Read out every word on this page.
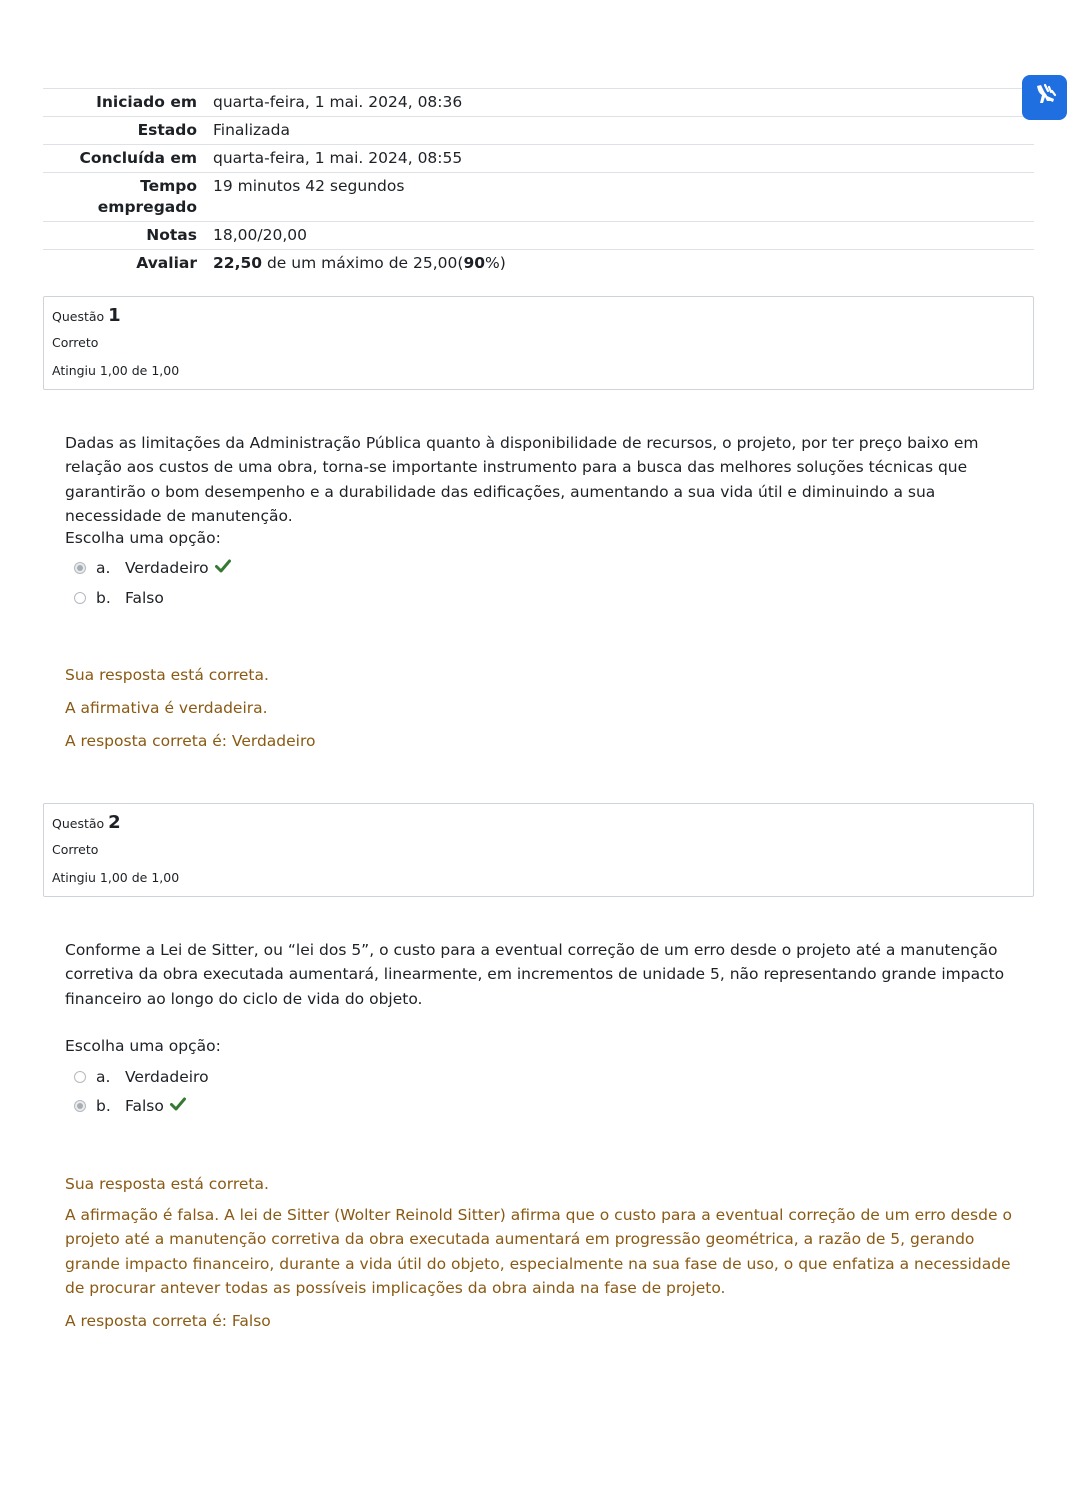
Iniciado em	quarta-feira, 1 mai. 2024, 08:36
Estado	Finalizada
Concluída em	quarta-feira, 1 mai. 2024, 08:55
Tempo empregado	19 minutos 42 segundos
Notas	18,00/20,00
Avaliar	22,50 de um máximo de 25,00(90%)
Questão 1
Correto
Atingiu 1,00 de 1,00
Dadas as limitações da Administração Pública quanto à disponibilidade de recursos, o projeto, por ter preço baixo em relação aos custos de uma obra, torna-se importante instrumento para a busca das melhores soluções técnicas que garantirão o bom desempenho e a durabilidade das edificações, aumentando a sua vida útil e diminuindo a sua necessidade de manutenção.
Escolha uma opção:
a. Verdadeiro
b. Falso
Sua resposta está correta.
A afirmativa é verdadeira.
A resposta correta é: Verdadeiro
Questão 2
Correto
Atingiu 1,00 de 1,00
Conforme a Lei de Sitter, ou “lei dos 5”, o custo para a eventual correção de um erro desde o projeto até a manutenção corretiva da obra executada aumentará, linearmente, em incrementos de unidade 5, não representando grande impacto financeiro ao longo do ciclo de vida do objeto.
Escolha uma opção:
a. Verdadeiro
b. Falso
Sua resposta está correta.
A afirmação é falsa. A lei de Sitter (Wolter Reinold Sitter) afirma que o custo para a eventual correção de um erro desde o projeto até a manutenção corretiva da obra executada aumentará em progressão geométrica, a razão de 5, gerando grande impacto financeiro, durante a vida útil do objeto, especialmente na sua fase de uso, o que enfatiza a necessidade de procurar antever todas as possíveis implicações da obra ainda na fase de projeto.
A resposta correta é: Falso
